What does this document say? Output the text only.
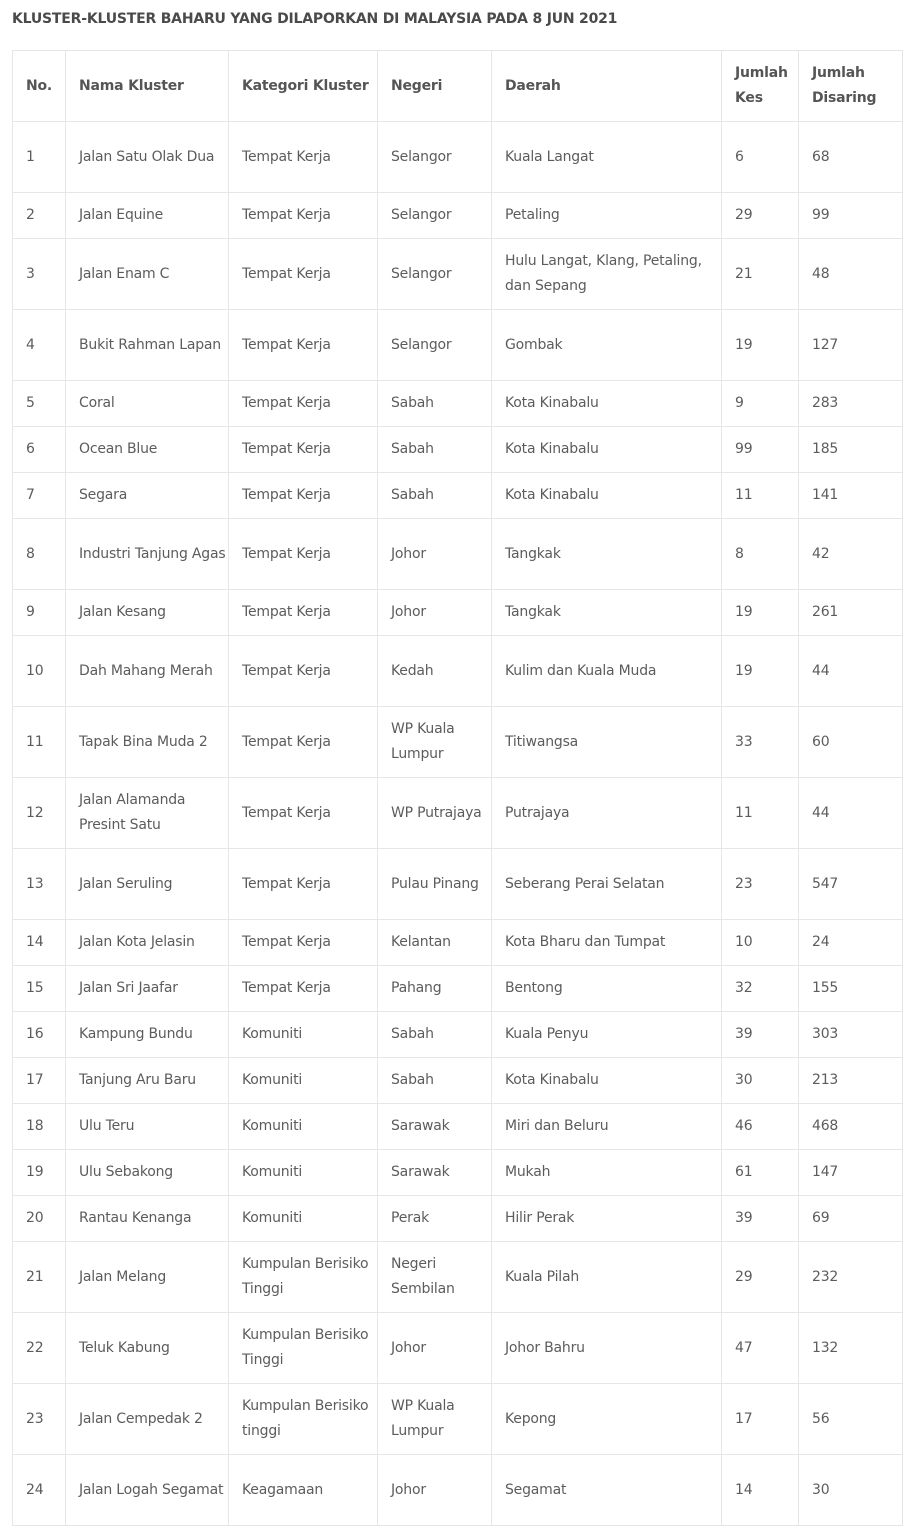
KLUSTER-KLUSTER BAHARU YANG DILAPORKAN DI MALAYSIA PADA 8 JUN 2021
No.	Nama Kluster	Kategori Kluster	Negeri	Daerah	Jumlah Kes	Jumlah Disaring
1	Jalan Satu Olak Dua	Tempat Kerja	Selangor	Kuala Langat	6	68
2	Jalan Equine	Tempat Kerja	Selangor	Petaling	29	99
3	Jalan Enam C	Tempat Kerja	Selangor	Hulu Langat, Klang, Petaling, dan Sepang	21	48
4	Bukit Rahman Lapan	Tempat Kerja	Selangor	Gombak	19	127
5	Coral	Tempat Kerja	Sabah	Kota Kinabalu	9	283
6	Ocean Blue	Tempat Kerja	Sabah	Kota Kinabalu	99	185
7	Segara	Tempat Kerja	Sabah	Kota Kinabalu	11	141
8	Industri Tanjung Agas	Tempat Kerja	Johor	Tangkak	8	42
9	Jalan Kesang	Tempat Kerja	Johor	Tangkak	19	261
10	Dah Mahang Merah	Tempat Kerja	Kedah	Kulim dan Kuala Muda	19	44
11	Tapak Bina Muda 2	Tempat Kerja	WP Kuala Lumpur	Titiwangsa	33	60
12	Jalan Alamanda Presint Satu	Tempat Kerja	WP Putrajaya	Putrajaya	11	44
13	Jalan Seruling	Tempat Kerja	Pulau Pinang	Seberang Perai Selatan	23	547
14	Jalan Kota Jelasin	Tempat Kerja	Kelantan	Kota Bharu dan Tumpat	10	24
15	Jalan Sri Jaafar	Tempat Kerja	Pahang	Bentong	32	155
16	Kampung Bundu	Komuniti	Sabah	Kuala Penyu	39	303
17	Tanjung Aru Baru	Komuniti	Sabah	Kota Kinabalu	30	213
18	Ulu Teru	Komuniti	Sarawak	Miri dan Beluru	46	468
19	Ulu Sebakong	Komuniti	Sarawak	Mukah	61	147
20	Rantau Kenanga	Komuniti	Perak	Hilir Perak	39	69
21	Jalan Melang	Kumpulan Berisiko Tinggi	Negeri Sembilan	Kuala Pilah	29	232
22	Teluk Kabung	Kumpulan Berisiko Tinggi	Johor	Johor Bahru	47	132
23	Jalan Cempedak 2	Kumpulan Berisiko tinggi	WP Kuala Lumpur	Kepong	17	56
24	Jalan Logah Segamat	Keagamaan	Johor	Segamat	14	30
